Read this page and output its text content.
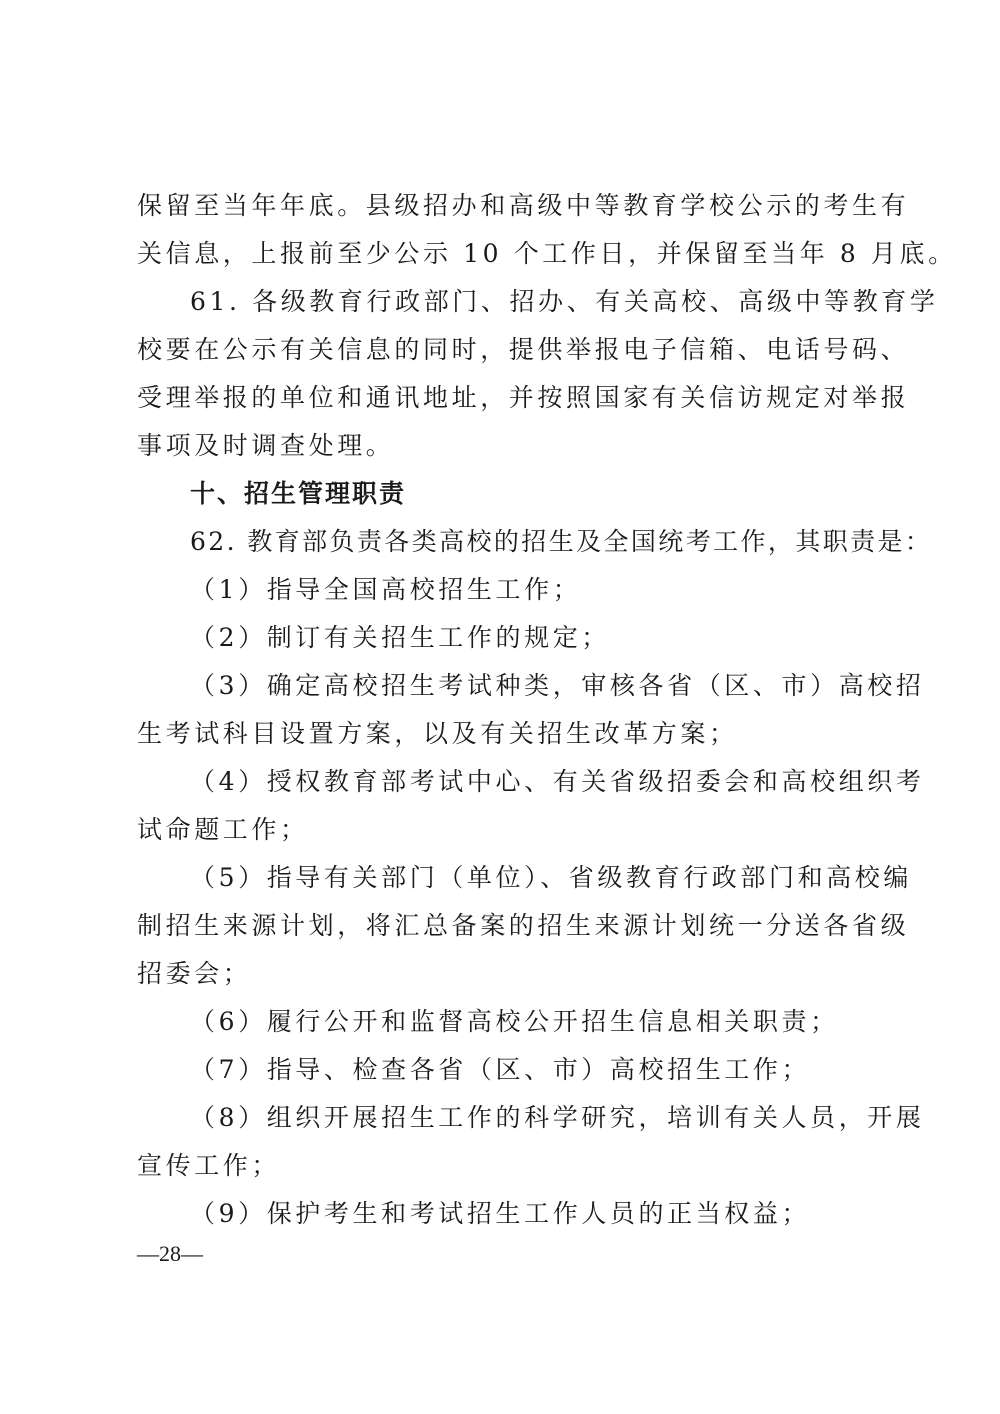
保留至当年年底。县级招办和高级中等教育学校公示的考生有
关信息，上报前至少公示 10 个工作日，并保留至当年 8 月底。
61. 各级教育行政部门、招办、有关高校、高级中等教育学
校要在公示有关信息的同时，提供举报电子信箱、电话号码、
受理举报的单位和通讯地址，并按照国家有关信访规定对举报
事项及时调查处理。
十、招生管理职责
62. 教育部负责各类高校的招生及全国统考工作，其职责是：
（1）指导全国高校招生工作；
（2）制订有关招生工作的规定；
（3）确定高校招生考试种类，审核各省（区、市）高校招
生考试科目设置方案，以及有关招生改革方案；
（4）授权教育部考试中心、有关省级招委会和高校组织考
试命题工作；
（5）指导有关部门（单位）、省级教育行政部门和高校编
制招生来源计划，将汇总备案的招生来源计划统一分送各省级
招委会；
（6）履行公开和监督高校公开招生信息相关职责；
（7）指导、检查各省（区、市）高校招生工作；
（8）组织开展招生工作的科学研究，培训有关人员，开展
宣传工作；
（9）保护考生和考试招生工作人员的正当权益；
—28—
